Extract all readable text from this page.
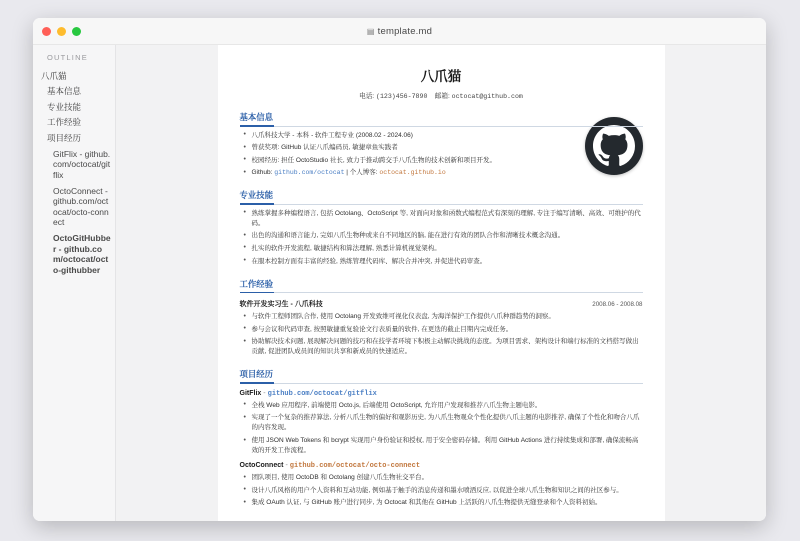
▤ template.md
OUTLINE
八爪猫
基本信息
专业技能
工作经验
项目经历
GitFlix - github.com/octocat/gitflix
OctoConnect - github.com/octocat/octo-connect
OctoGitHubber - github.com/octocat/octo-githubber
八爪猫
电话: (123)456-7890 邮箱: octocat@github.com
基本信息
• 八爪科技大学 - 本科 - 软件工程专业 (2008.02 - 2024.06)
• 曾获奖项: GitHub 认证八爪编码员, 敏捷章鱼实践者
• 校园经历: 担任 OctoStudio 社长, 致力于推动跨交手八爪生物的技术创新和项目开发。
• Github: github.com/octocat | 个人博客: octocat.github.io
专业技能
• 熟练掌握多种编程语言, 包括 Octolang、OctoScript 等, 对面向对象和函数式编程范式有深刻的理解, 专注于编写清晰、高效、可维护的代码。
• 出色的沟通和语言能力, 完如八爪生物种或来自不同地区的脑, 能在进行有效的团队合作和清晰技术概念沟通。
• 扎实的软件开发流程, 敏捷结构和算法理解, 熟悉计算机视觉架构。
• 在服本控制方面有丰富的经验, 熟练管理代码库、解决合并冲突, 并促进代码审查。
工作经验
软件开发实习生 - 八爪科技	2008.06 - 2008.08
• 与软件工程师团队合作, 使用 Octolang 开发致维可视化仪表盘, 为海洋保护工作提供八爪种群趋势的洞察。
• 参与会议和代码审查, 按照敏捷重复验论文行表质量的软件, 在更迭的截止目期内完成任务。
• 协助解决技术问题, 展现解决问题的技巧和在技学者环境下积极主动解决挑战的态度。为项目需求、架构设计和端行标准的文档搭写做出贡献, 促进团队成员间的知识共享和新成员的快速适应。
项目经历
GitFlix - github.com/octocat/gitflix
• 全栈 Web 应用程序, 前端使用 Octo.js, 后端使用 OctoScript, 允许用户发现和推荐八爪生物主题电影。
• 实现了一个复杂的推荐算法, 分析八爪生物的偏好和观影历史, 为八爪生物观众个性化提供八爪主题的电影推荐, 确保了个性化和吻合八爪的内容发现。
• 使用 JSON Web Tokens 和 bcrypt 实现用户身份验证和授权, 用于安全密码存储。利用 GitHub Actions 进行持续集成和部署, 确保流畅高效的开发工作流程。
OctoConnect - github.com/octocat/octo-connect
• 团队项目, 使用 OctoDB 和 Octolang 创建八爪生物社交平台。
• 设计八爪风格的用户个人资料和互动功能, 例如基于触手的消息传递和墨水喷洒反应, 以促进全球八爪生物和知识之间的社区参与。
• 集成 OAuth 认证, 与 GitHub 账户进行同步, 为 Octocat 和其他在 GitHub 上活跃的八爪生物提供无缝登录和个人资料初始。
